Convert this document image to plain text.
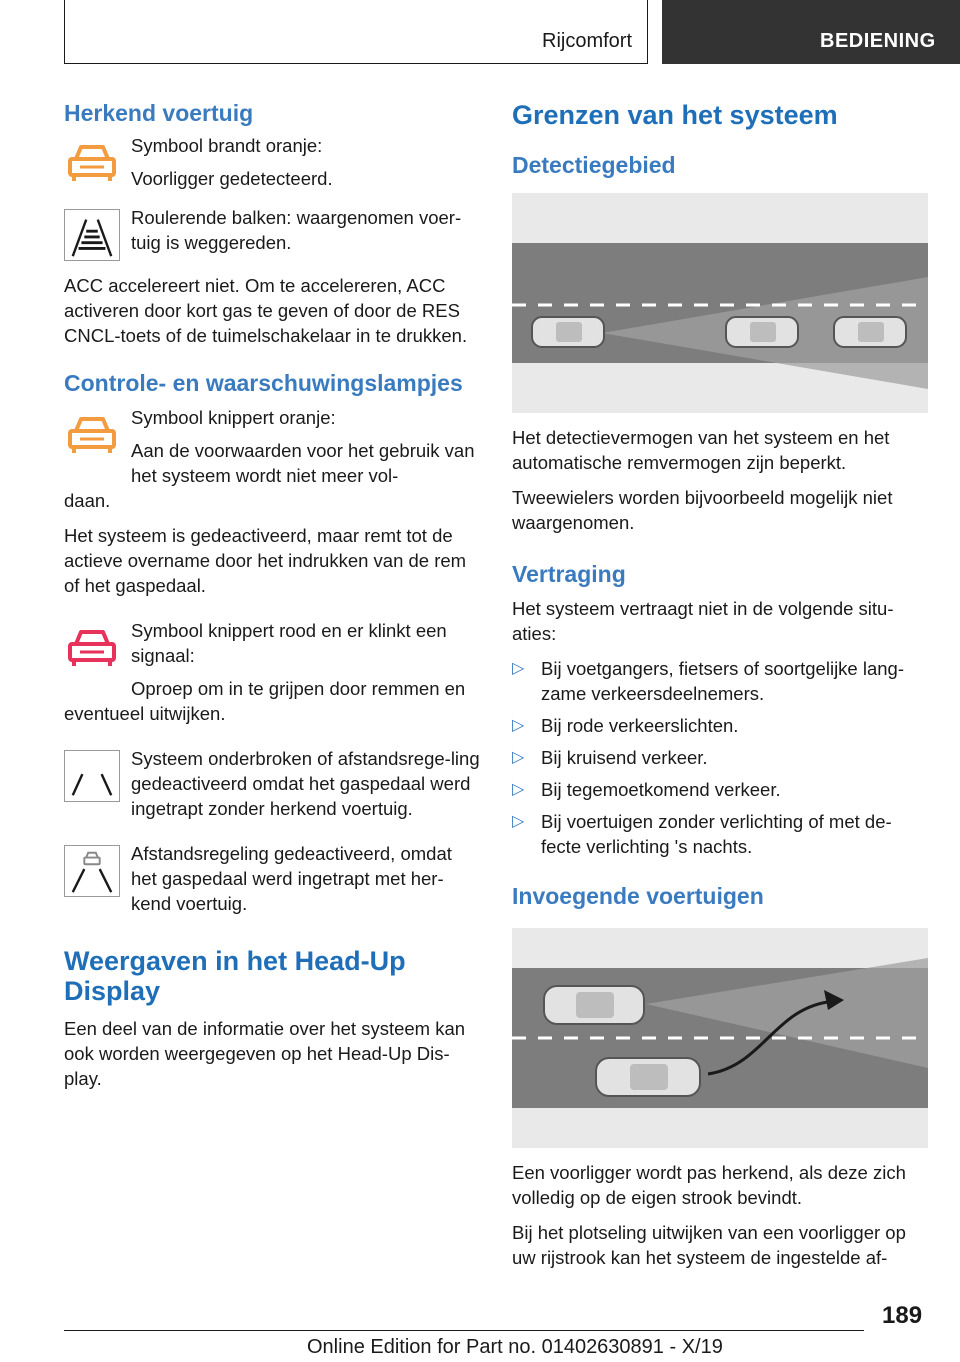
Rijcomfort	BEDIENING
Herkend voertuig

Symbool brandt oranje:

Voorligger gedetecteerd.

Roulerende balken: waargenomen voer-tuig is weggereden.

ACC accelereert niet. Om te accelereren, ACC activeren door kort gas te geven of door de RES CNCL-toets of de tuimelschakelaar in te drukken.

Controle- en waarschuwingslampjes

Symbool knippert oranje:

Aan de voorwaarden voor het gebruik van het systeem wordt niet meer vol-

daan.

Het systeem is gedeactiveerd, maar remt tot de actieve overname door het indrukken van de rem of het gaspedaal.

Symbool knippert rood en er klinkt een signaal:

Oproep om in te grijpen door remmen en

eventueel uitwijken.

Systeem onderbroken of afstandsrege-ling gedeactiveerd omdat het gaspedaal werd ingetrapt zonder herkend voertuig.

Afstandsregeling gedeactiveerd, omdat het gaspedaal werd ingetrapt met her-kend voertuig.

Weergaven in het Head-Up Display

Een deel van de informatie over het systeem kan ook worden weergegeven op het Head-Up Dis-play.

Grenzen van het systeem
Detectiegebied

Het detectievermogen van het systeem en het automatische remvermogen zijn beperkt.

Tweewielers worden bijvoorbeeld mogelijk niet waargenomen.

Vertraging

Het systeem vertraagt niet in de volgende situ-aties:

▷ Bij voetgangers, fietsers of soortgelijke lang-zame verkeersdeelnemers.
▷ Bij rode verkeerslichten.
▷ Bij kruisend verkeer.
▷ Bij tegemoetkomend verkeer.
▷ Bij voertuigen zonder verlichting of met de-fecte verlichting 's nachts.
Invoegende voertuigen

Een voorligger wordt pas herkend, als deze zich volledig op de eigen strook bevindt.

Bij het plotseling uitwijken van een voorligger op uw rijstrook kan het systeem de ingestelde af-

189
Online Edition for Part no. 01402630891 - X/19
